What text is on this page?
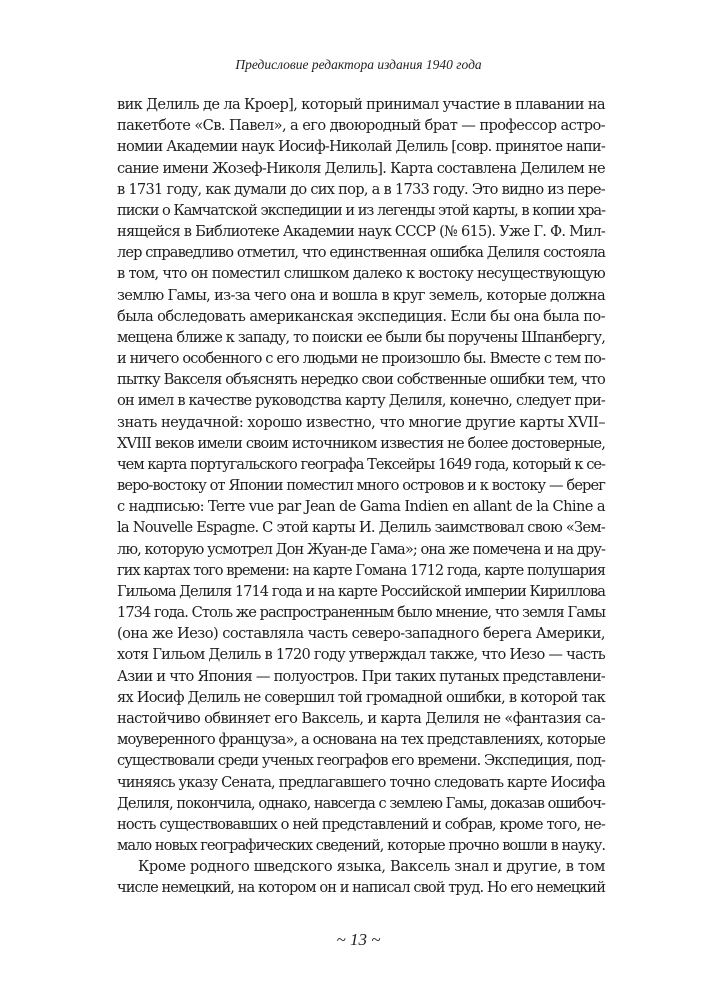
Предисловие редактора издания 1940 года
вик Делиль де ла Кроер], который принимал участие в плавании на
пакетботе «Св. Павел», а его двоюродный брат — профессор астро-
номии Академии наук Иосиф-Николай Делиль [совр. принятое напи-
сание имени Жозеф-Николя Делиль]. Карта составлена Делилем не
в 1731 году, как думали до сих пор, а в 1733 году. Это видно из пере-
писки о Камчатской экспедиции и из легенды этой карты, в копии хра-
нящейся в Библиотеке Академии наук СССР (№ 615). Уже Г. Ф. Мил-
лер справедливо отметил, что единственная ошибка Делиля состояла
в том, что он поместил слишком далеко к востоку несуществующую
землю Гамы, из-за чего она и вошла в круг земель, которые должна
была обследовать американская экспедиция. Если бы она была по-
мещена ближе к западу, то поиски ее были бы поручены Шпанбергу,
и ничего особенного с его людьми не произошло бы. Вместе с тем по-
пытку Вакселя объяснять нередко свои собственные ошибки тем, что
он имел в качестве руководства карту Делиля, конечно, следует при-
знать неудачной: хорошо известно, что многие другие карты XVII–
XVIII веков имели своим источником известия не более достоверные,
чем карта португальского географа Тексейры 1649 года, который к се-
веро-востоку от Японии поместил много островов и к востоку — берег
с надписью: Terre vue par Jean de Gama Indien en allant de la Chine a
la Nouvelle Espagne. С этой карты И. Делиль заимствовал свою «Зем-
лю, которую усмотрел Дон Жуан-де Гама»; она же помечена и на дру-
гих картах того времени: на карте Гомана 1712 года, карте полушария
Гильома Делиля 1714 года и на карте Российской империи Кириллова
1734 года. Столь же распространенным было мнение, что земля Гамы
(она же Иезо) составляла часть северо-западного берега Америки,
хотя Гильом Делиль в 1720 году утверждал также, что Иезо — часть
Азии и что Япония — полуостров. При таких путаных представлени-
ях Иосиф Делиль не совершил той громадной ошибки, в которой так
настойчиво обвиняет его Ваксель, и карта Делиля не «фантазия са-
моуверенного француза», а основана на тех представлениях, которые
существовали среди ученых географов его времени. Экспедиция, под-
чиняясь указу Сената, предлагавшего точно следовать карте Иосифа
Делиля, покончила, однако, навсегда с землею Гамы, доказав ошибоч-
ность существовавших о ней представлений и собрав, кроме того, не-
мало новых географических сведений, которые прочно вошли в науку.
Кроме родного шведского языка, Ваксель знал и другие, в том
числе немецкий, на котором он и написал свой труд. Но его немецкий
~ 13 ~
